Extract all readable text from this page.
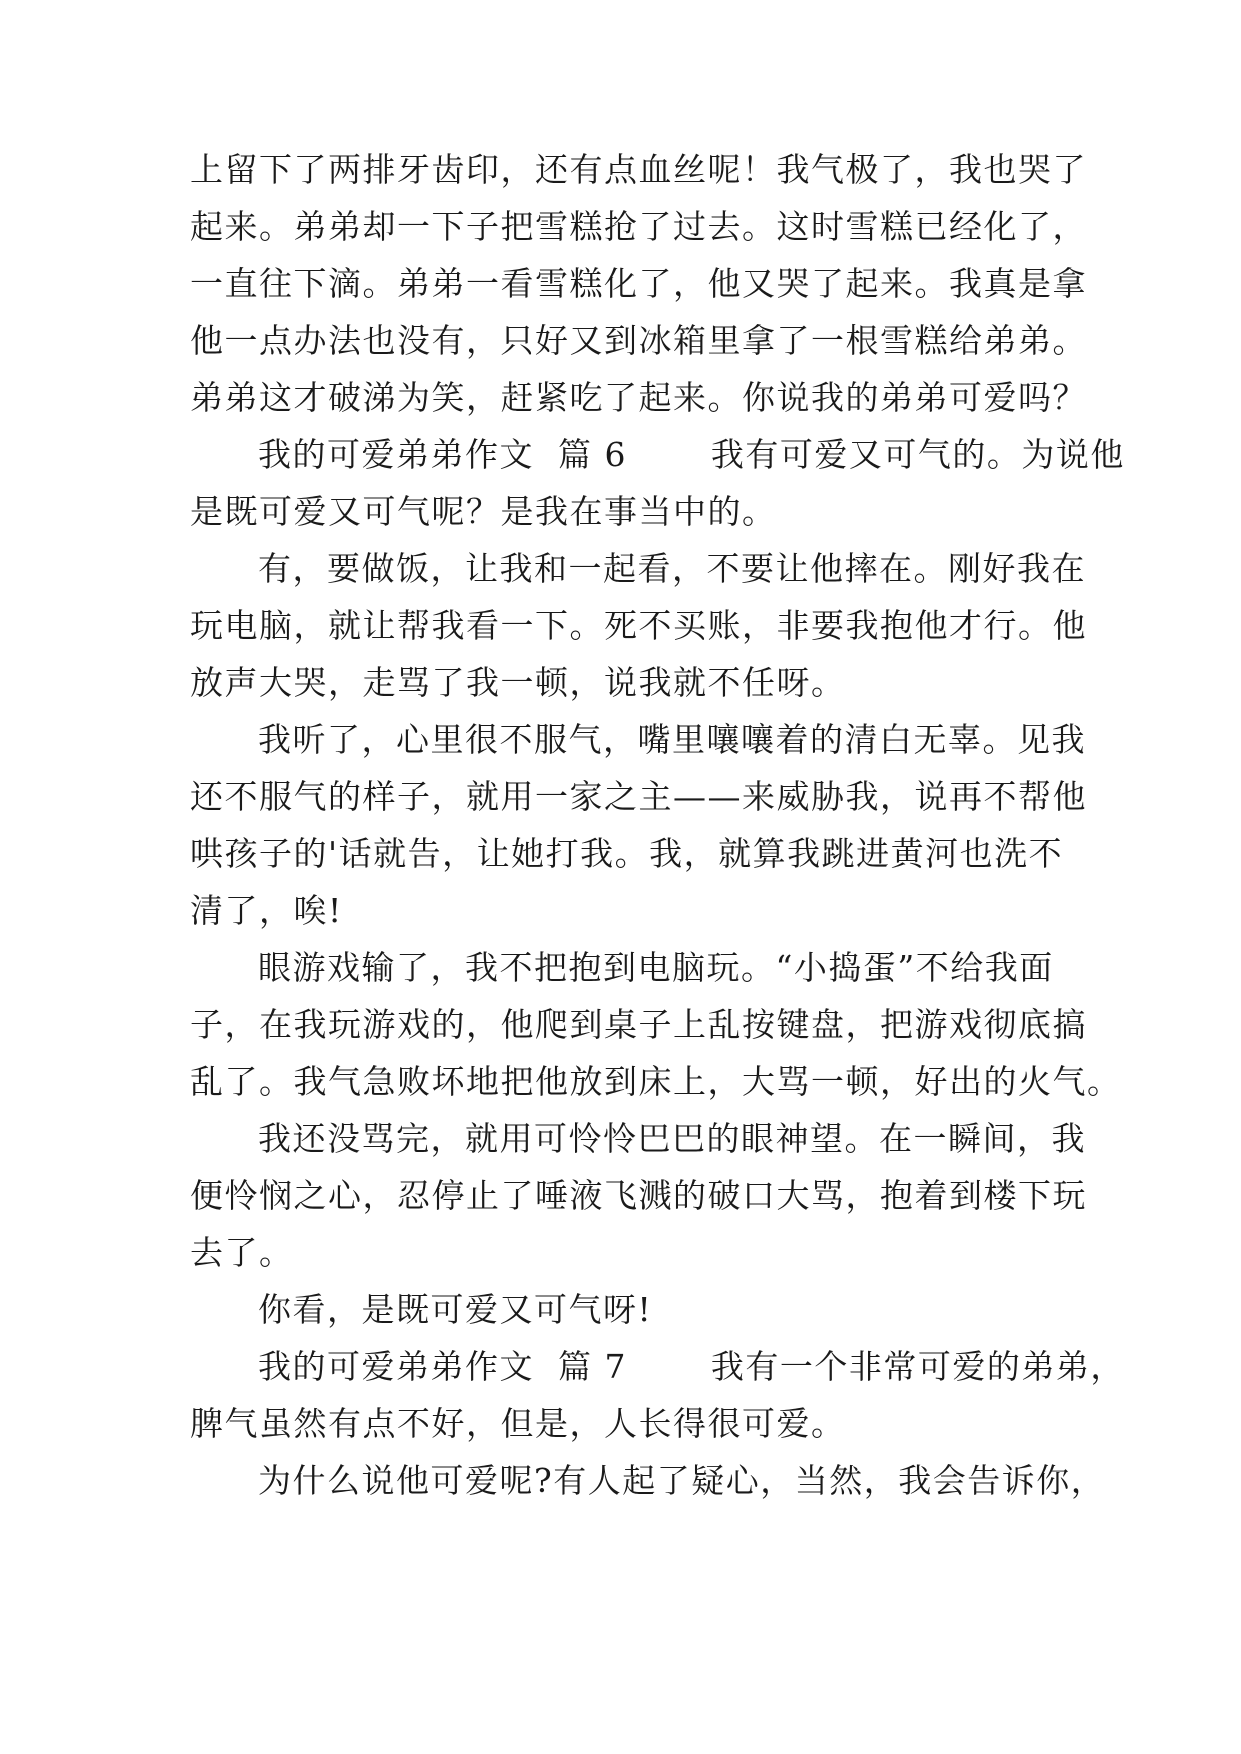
上留下了两排牙齿印，还有点血丝呢！我气极了，我也哭了
起来。弟弟却一下子把雪糕抢了过去。这时雪糕已经化了，
一直往下滴。弟弟一看雪糕化了，他又哭了起来。我真是拿
他一点办法也没有，只好又到冰箱里拿了一根雪糕给弟弟。
弟弟这才破涕为笑，赶紧吃了起来。你说我的弟弟可爱吗？
我的可爱弟弟作文  篇 6       我有可爱又可气的。为说他
是既可爱又可气呢？是我在事当中的。
有，要做饭，让我和一起看，不要让他摔在。刚好我在
玩电脑，就让帮我看一下。死不买账，非要我抱他才行。他
放声大哭，走骂了我一顿，说我就不任呀。
我听了，心里很不服气，嘴里嚷嚷着的清白无辜。见我
还不服气的样子，就用一家之主——来威胁我，说再不帮他
哄孩子的'话就告，让她打我。我，就算我跳进黄河也洗不
清了，唉!
眼游戏输了，我不把抱到电脑玩。“小捣蛋”不给我面
子，在我玩游戏的，他爬到桌子上乱按键盘，把游戏彻底搞
乱了。我气急败坏地把他放到床上，大骂一顿，好出的火气。
我还没骂完，就用可怜怜巴巴的眼神望。在一瞬间，我
便怜悯之心，忍停止了唾液飞溅的破口大骂，抱着到楼下玩
去了。
你看，是既可爱又可气呀!
我的可爱弟弟作文  篇 7       我有一个非常可爱的弟弟，
脾气虽然有点不好，但是，人长得很可爱。
为什么说他可爱呢?有人起了疑心，当然，我会告诉你，
